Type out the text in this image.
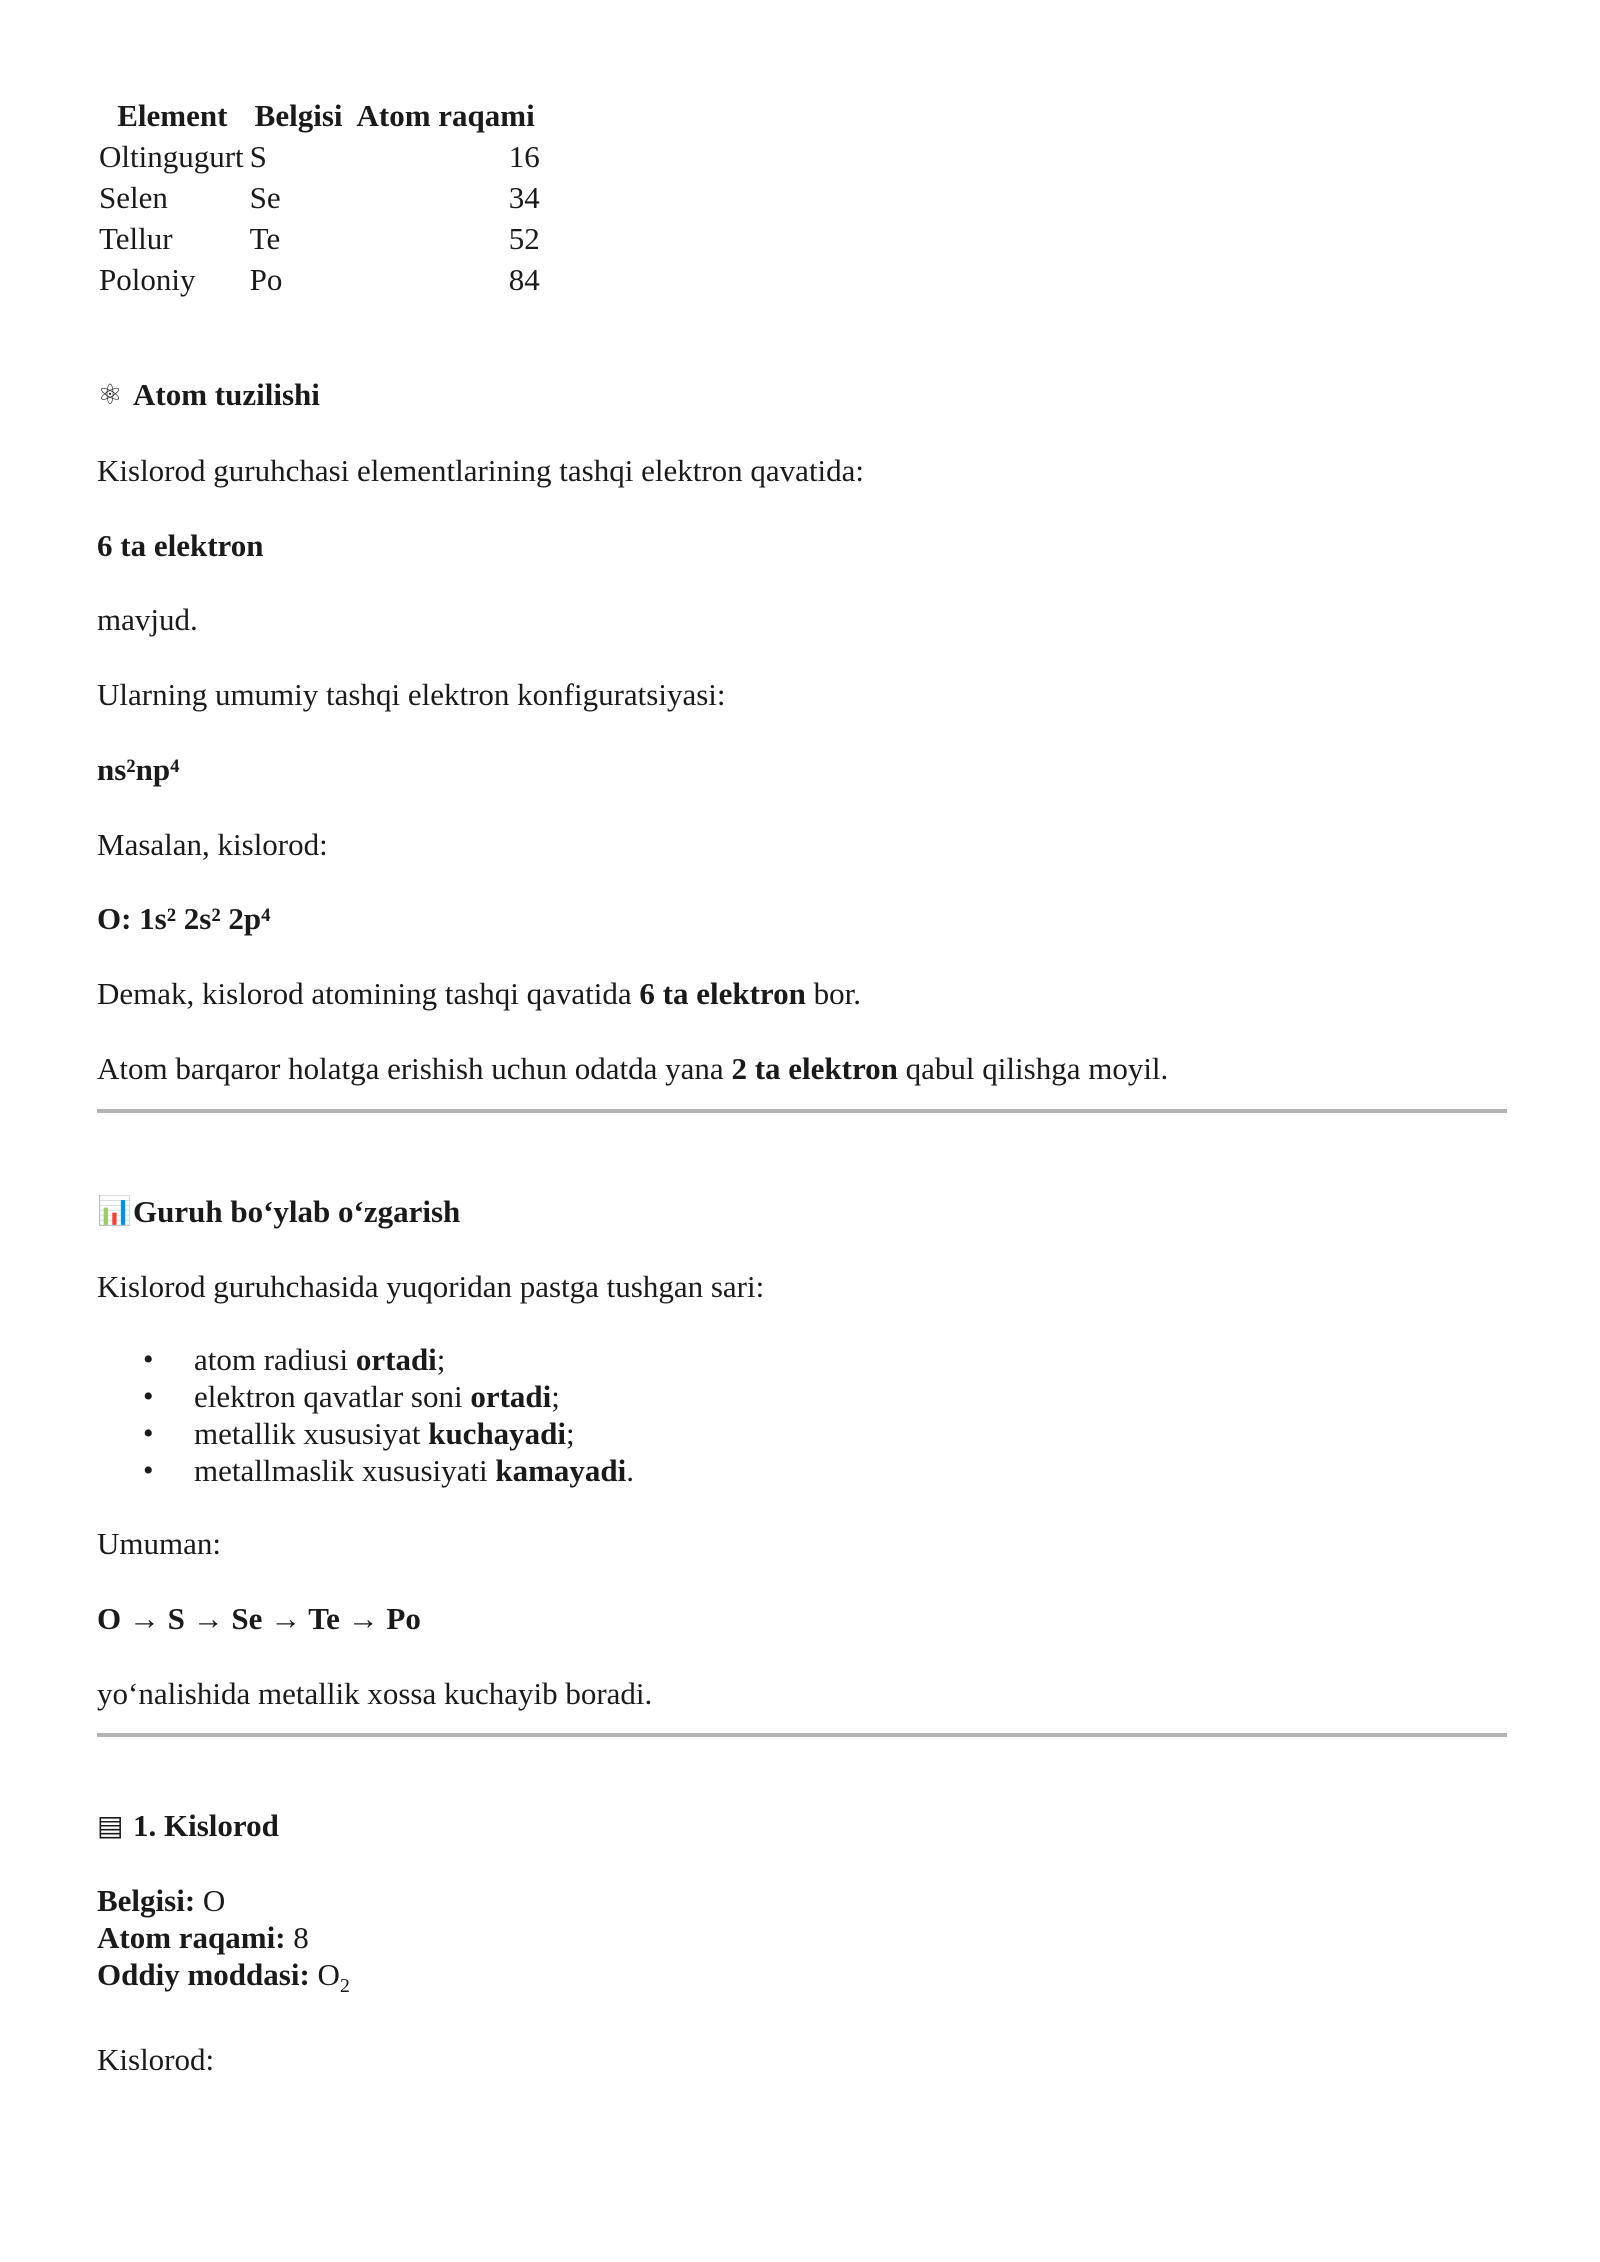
Element	Belgisi	Atom raqami
Oltingugurt	S	16
Selen	Se	34
Tellur	Te	52
Poloniy	Po	84
⚛ Atom tuzilishi

Kislorod guruhchasi elementlarining tashqi elektron qavatida:

6 ta elektron

mavjud.

Ularning umumiy tashqi elektron konfiguratsiyasi:

ns²np⁴

Masalan, kislorod:

O: 1s² 2s² 2p⁴

Demak, kislorod atomining tashqi qavatida 6 ta elektron bor.

Atom barqaror holatga erishish uchun odatda yana 2 ta elektron qabul qilishga moyil.

📊 Guruh bo‘ylab o‘zgarish

Kislorod guruhchasida yuqoridan pastga tushgan sari:

• atom radiusi ortadi;
• elektron qavatlar soni ortadi;
• metallik xususiyat kuchayadi;
• metallmaslik xususiyati kamayadi.

Umuman:

O → S → Se → Te → Po

yo‘nalishida metallik xossa kuchayib boradi.

▤ 1. Kislorod
Belgisi: O
Atom raqami: 8
Oddiy moddasi: $O_2$

Kislorod:
